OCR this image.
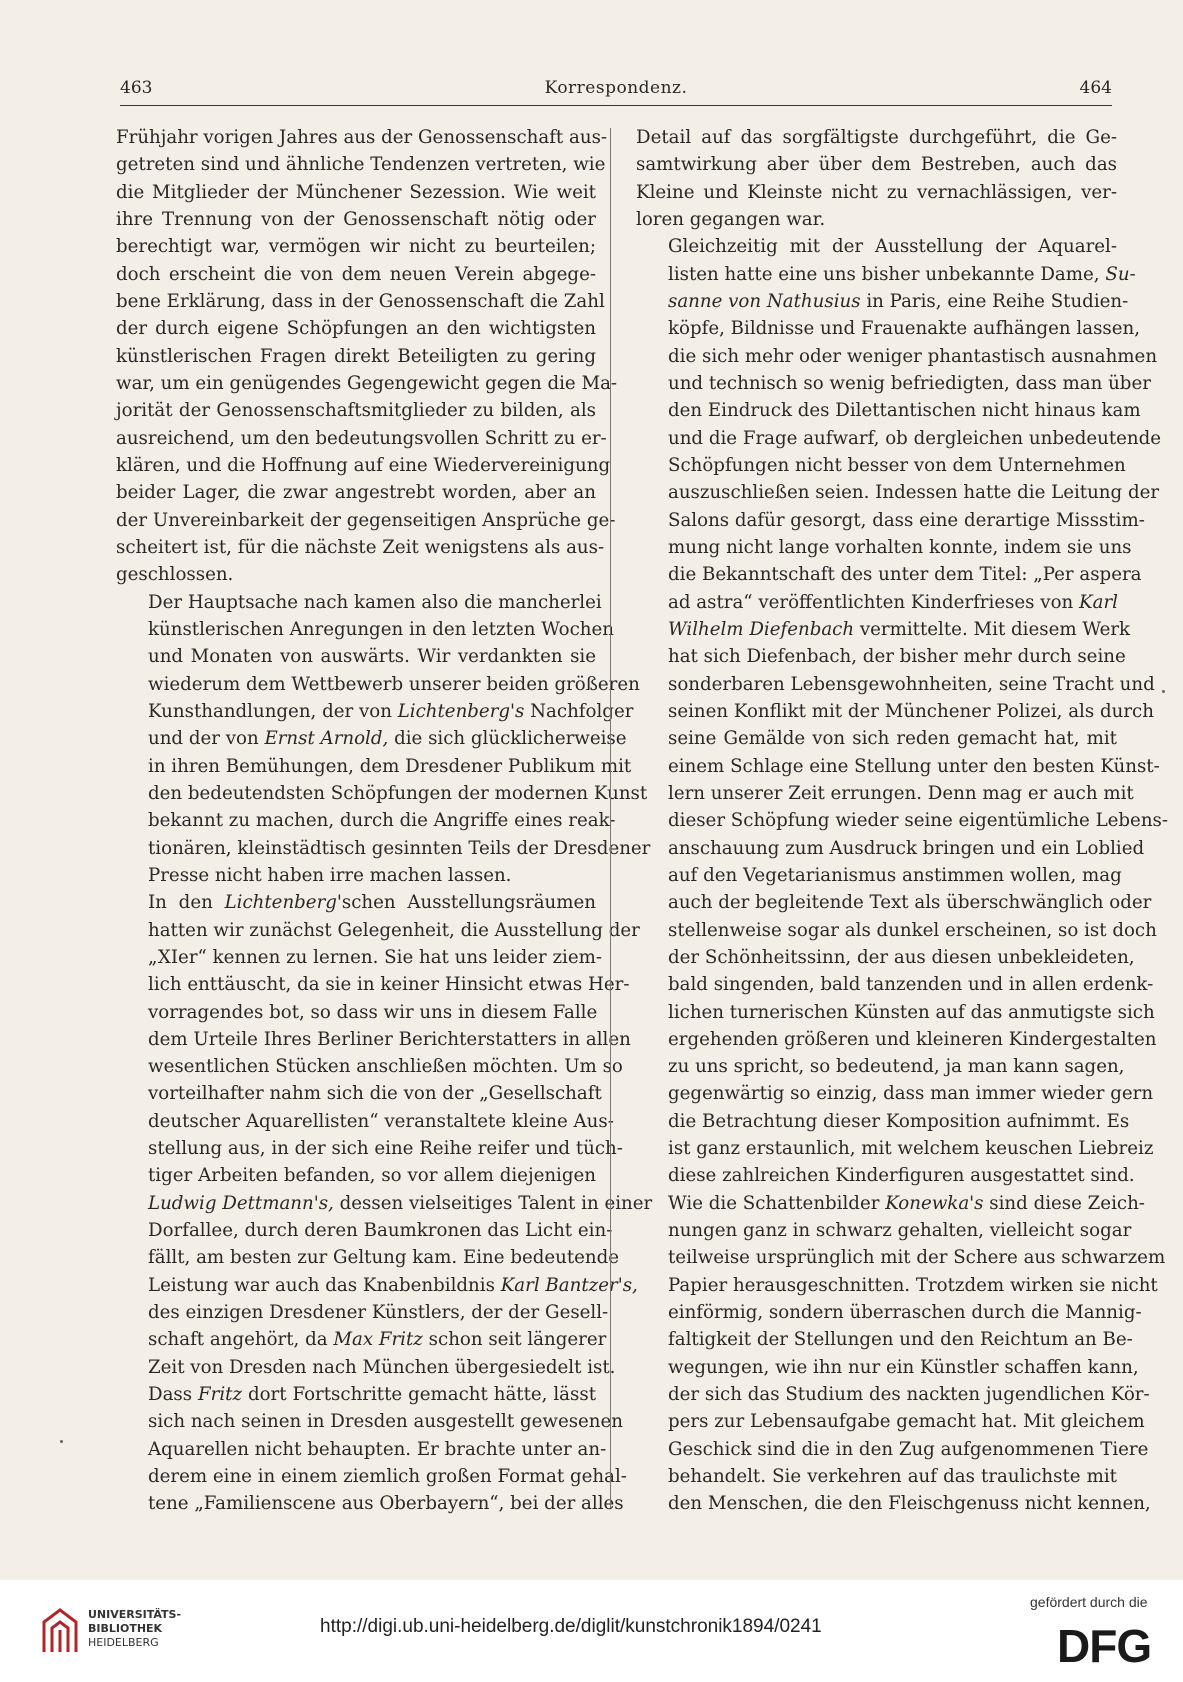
463	Korrespondenz.	464

Frühjahr vorigen Jahres aus der Genossenschaft aus-
getreten sind und ähnliche Tendenzen vertreten, wie
die Mitglieder der Münchener Sezession. Wie weit
ihre Trennung von der Genossenschaft nötig oder
berechtigt war, vermögen wir nicht zu beurteilen;
doch erscheint die von dem neuen Verein abgege-
bene Erklärung, dass in der Genossenschaft die Zahl
der durch eigene Schöpfungen an den wichtigsten
künstlerischen Fragen direkt Beteiligten zu gering
war, um ein genügendes Gegengewicht gegen die Ma-
jorität der Genossenschaftsmitglieder zu bilden, als
ausreichend, um den bedeutungsvollen Schritt zu er-
klären, und die Hoffnung auf eine Wiedervereinigung
beider Lager, die zwar angestrebt worden, aber an
der Unvereinbarkeit der gegenseitigen Ansprüche ge-
scheitert ist, für die nächste Zeit wenigstens als aus-
geschlossen.

Der Hauptsache nach kamen also die mancherlei
künstlerischen Anregungen in den letzten Wochen
und Monaten von auswärts. Wir verdankten sie
wiederum dem Wettbewerb unserer beiden größeren
Kunsthandlungen, der von Lichtenberg's Nachfolger
und der von Ernst Arnold, die sich glücklicherweise
in ihren Bemühungen, dem Dresdener Publikum mit
den bedeutendsten Schöpfungen der modernen Kunst
bekannt zu machen, durch die Angriffe eines reak-
tionären, kleinstädtisch gesinnten Teils der Dresdener
Presse nicht haben irre machen lassen.

In den Lichtenberg'schen Ausstellungsräumen
hatten wir zunächst Gelegenheit, die Ausstellung der
„XIer“ kennen zu lernen. Sie hat uns leider ziem-
lich enttäuscht, da sie in keiner Hinsicht etwas Her-
vorragendes bot, so dass wir uns in diesem Falle
dem Urteile Ihres Berliner Berichterstatters in allen
wesentlichen Stücken anschließen möchten. Um so
vorteilhafter nahm sich die von der „Gesellschaft
deutscher Aquarellisten“ veranstaltete kleine Aus-
stellung aus, in der sich eine Reihe reifer und tüch-
tiger Arbeiten befanden, so vor allem diejenigen
Ludwig Dettmann's, dessen vielseitiges Talent in einer
Dorfallee, durch deren Baumkronen das Licht ein-
fällt, am besten zur Geltung kam. Eine bedeutende
Leistung war auch das Knabenbildnis Karl Bantzer's,
des einzigen Dresdener Künstlers, der der Gesell-
schaft angehört, da Max Fritz schon seit längerer
Zeit von Dresden nach München übergesiedelt ist.
Dass Fritz dort Fortschritte gemacht hätte, lässt
sich nach seinen in Dresden ausgestellt gewesenen
Aquarellen nicht behaupten. Er brachte unter an-
derem eine in einem ziemlich großen Format gehal-
tene „Familienscene aus Oberbayern“, bei der alles

Detail auf das sorgfältigste durchgeführt, die Ge-
samtwirkung aber über dem Bestreben, auch das
Kleine und Kleinste nicht zu vernachlässigen, ver-
loren gegangen war.

Gleichzeitig mit der Ausstellung der Aquarel-
listen hatte eine uns bisher unbekannte Dame, Su-
sanne von Nathusius in Paris, eine Reihe Studien-
köpfe, Bildnisse und Frauenakte aufhängen lassen,
die sich mehr oder weniger phantastisch ausnahmen
und technisch so wenig befriedigten, dass man über
den Eindruck des Dilettantischen nicht hinaus kam
und die Frage aufwarf, ob dergleichen unbedeutende
Schöpfungen nicht besser von dem Unternehmen
auszuschließen seien. Indessen hatte die Leitung der
Salons dafür gesorgt, dass eine derartige Missstim-
mung nicht lange vorhalten konnte, indem sie uns
die Bekanntschaft des unter dem Titel: „Per aspera
ad astra“ veröffentlichten Kinderfrieses von Karl
Wilhelm Diefenbach vermittelte. Mit diesem Werk
hat sich Diefenbach, der bisher mehr durch seine
sonderbaren Lebensgewohnheiten, seine Tracht und
seinen Konflikt mit der Münchener Polizei, als durch
seine Gemälde von sich reden gemacht hat, mit
einem Schlage eine Stellung unter den besten Künst-
lern unserer Zeit errungen. Denn mag er auch mit
dieser Schöpfung wieder seine eigentümliche Lebens-
anschauung zum Ausdruck bringen und ein Loblied
auf den Vegetarianismus anstimmen wollen, mag
auch der begleitende Text als überschwänglich oder
stellenweise sogar als dunkel erscheinen, so ist doch
der Schönheitssinn, der aus diesen unbekleideten,
bald singenden, bald tanzenden und in allen erdenk-
lichen turnerischen Künsten auf das anmutigste sich
ergehenden größeren und kleineren Kindergestalten
zu uns spricht, so bedeutend, ja man kann sagen,
gegenwärtig so einzig, dass man immer wieder gern
die Betrachtung dieser Komposition aufnimmt. Es
ist ganz erstaunlich, mit welchem keuschen Liebreiz
diese zahlreichen Kinderfiguren ausgestattet sind.
Wie die Schattenbilder Konewka's sind diese Zeich-
nungen ganz in schwarz gehalten, vielleicht sogar
teilweise ursprünglich mit der Schere aus schwarzem
Papier herausgeschnitten. Trotzdem wirken sie nicht
einförmig, sondern überraschen durch die Mannig-
faltigkeit der Stellungen und den Reichtum an Be-
wegungen, wie ihn nur ein Künstler schaffen kann,
der sich das Studium des nackten jugendlichen Kör-
pers zur Lebensaufgabe gemacht hat. Mit gleichem
Geschick sind die in den Zug aufgenommenen Tiere
behandelt. Sie verkehren auf das traulichste mit
den Menschen, die den Fleischgenuss nicht kennen,

UNIVERSITÄTS-
BIBLIOTHEK
HEIDELBERG
http://digi.ub.uni-heidelberg.de/diglit/kunstchronik1894/0241
gefördert durch die
DFG
